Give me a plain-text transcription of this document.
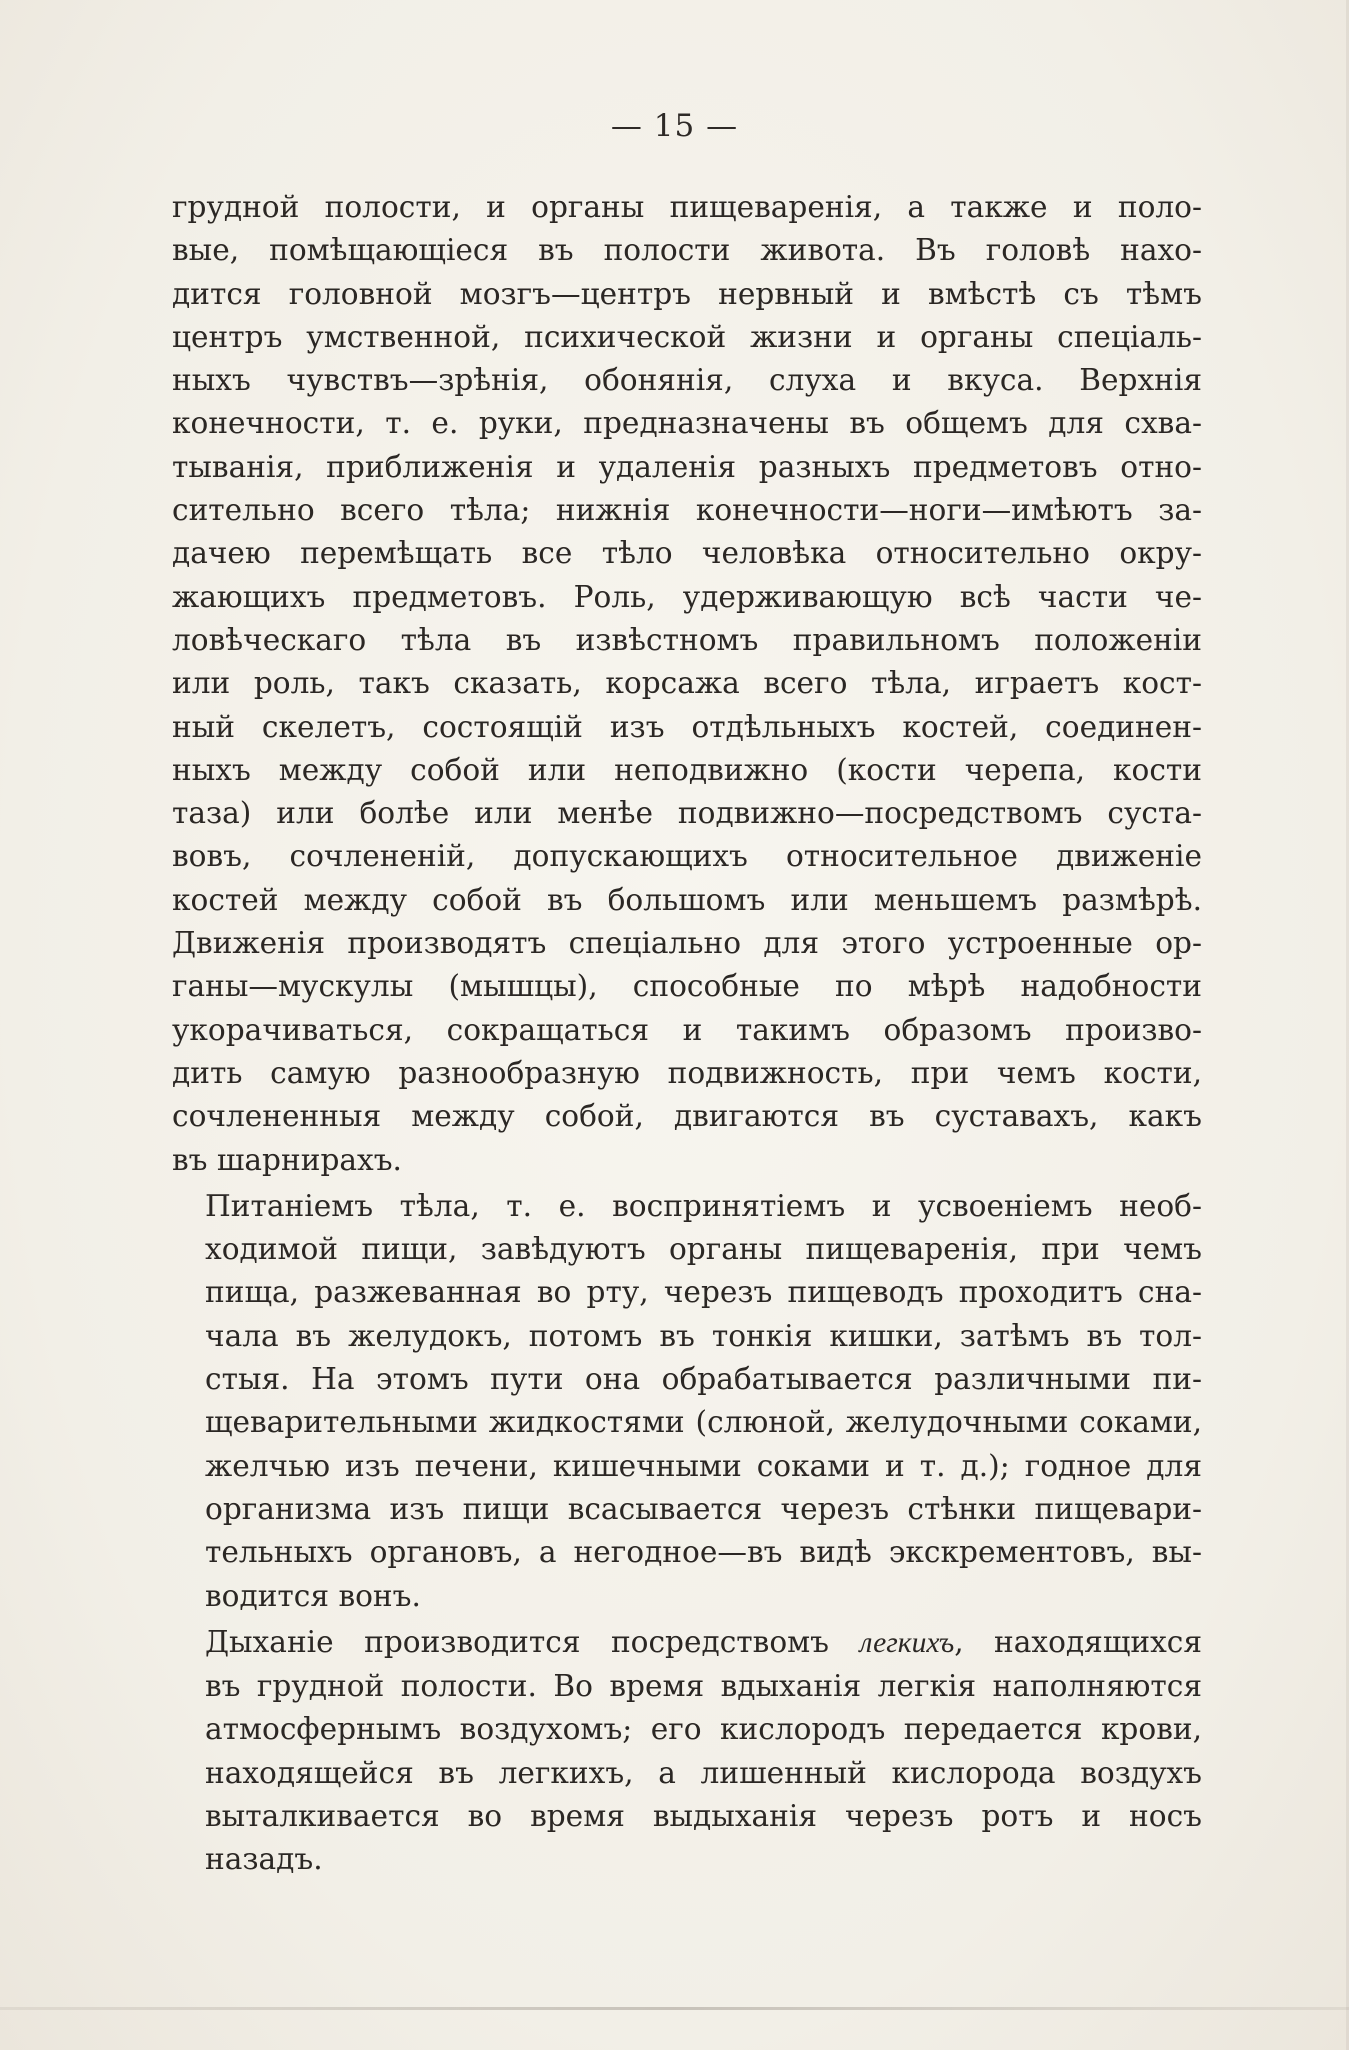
— 15 —

грудной полости, и органы пищеваренія, а также и поло-
вые, помѣщающіеся въ полости живота. Въ головѣ нахо-
дится головной мозгъ—центръ нервный и вмѣстѣ съ тѣмъ
центръ умственной, психической жизни и органы спеціаль-
ныхъ чувствъ—зрѣнія, обонянія, слуха и вкуса. Верхнія
конечности, т. е. руки, предназначены въ общемъ для схва-
тыванія, приближенія и удаленія разныхъ предметовъ отно-
сительно всего тѣла; нижнія конечности—ноги—имѣютъ за-
дачею перемѣщать все тѣло человѣка относительно окру-
жающихъ предметовъ. Роль, удерживающую всѣ части че-
ловѣческаго тѣла въ извѣстномъ правильномъ положеніи
или роль, такъ сказать, корсажа всего тѣла, играетъ кост-
ный скелетъ, состоящій изъ отдѣльныхъ костей, соединен-
ныхъ между собой или неподвижно (кости черепа, кости
таза) или болѣе или менѣе подвижно—посредствомъ суста-
вовъ, сочлененій, допускающихъ относительное движеніе
костей между собой въ большомъ или меньшемъ размѣрѣ.
Движенія производятъ спеціально для этого устроенные ор-
ганы—мускулы (мышцы), способные по мѣрѣ надобности
укорачиваться, сокращаться и такимъ образомъ произво-
дить самую разнообразную подвижность, при чемъ кости,
сочлененныя между собой, двигаются въ суставахъ, какъ
въ шарнирахъ.

Питаніемъ тѣла, т. е. воспринятіемъ и усвоеніемъ необ-
ходимой пищи, завѣдуютъ органы пищеваренія, при чемъ
пища, разжеванная во рту, черезъ пищеводъ проходитъ сна-
чала въ желудокъ, потомъ въ тонкія кишки, затѣмъ въ тол-
стыя. На этомъ пути она обрабатывается различными пи-
щеварительными жидкостями (слюной, желудочными соками,
желчью изъ печени, кишечными соками и т. д.); годное для
организма изъ пищи всасывается черезъ стѣнки пищевари-
тельныхъ органовъ, а негодное—въ видѣ экскрементовъ, вы-
водится вонъ.

Дыханіе производится посредствомъ легкихъ, находящихся
въ грудной полости. Во время вдыханія легкія наполняются
атмосфернымъ воздухомъ; его кислородъ передается крови,
находящейся въ легкихъ, а лишенный кислорода воздухъ
выталкивается во время выдыханія черезъ ротъ и носъ
назадъ.
